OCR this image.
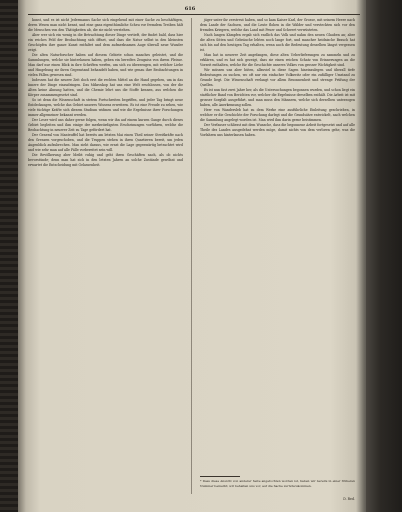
616

kunst, und es ist nicht Jedermanns Sache sich eingehend mit einer Sache zu beschäftigen, deren Wesen man nicht kennt, und eine ganz eigenthümliche Scheu vor fremdem Treiben hält die Menschen von den Thätigkeiten ab, die sie nicht verstehen.

Aber wer sich ein wenig in die Betrachtung dieser Dinge vertieft, der findet bald, dass hier ein reiches Feld der Beobachtung sich öffnet, und dass die Natur selbst in den kleinsten Geschöpfen ihre ganze Kunst entfaltet und dem aufmerksamen Auge überall neue Wunder zeigt.

Die alten Naturforscher haben auf diesem Gebiete schon manches geleistet, und die Sammlungen, welche sie hinterlassen haben, geben ein beredtes Zeugniss von ihrem Fleisse. Man darf nur einen Blick in ihre Schriften werfen, um sich zu überzeugen, mit welcher Liebe und Hingebung sie ihren Gegenstand behandelt haben, und wie genau ihre Beobachtungen in vielen Fällen gewesen sind.

Indessen hat die neuere Zeit doch erst die rechten Mittel an die Hand gegeben, um in das Innere der Dinge einzudringen. Das Mikroskop hat uns eine Welt erschlossen, von der die Alten keine Ahnung hatten, und die Chemie lehrt uns die Stoffe kennen, aus welchen die Körper zusammengesetzt sind.

So ist denn die Wissenschaft in stetem Fortschreiten begriffen, und jeder Tag bringt neue Entdeckungen, welche das Gebiet unseres Wissens erweitern. Es ist eine Freude zu sehen, wie viele tüchtige Kräfte sich diesem Studium widmen und wie die Ergebnisse ihrer Forschungen immer allgemeiner bekannt werden.

Der Leser wird uns daher gerne folgen, wenn wir ihn auf einem kurzen Gange durch dieses Gebiet begleiten und ihm einige der merkwürdigsten Erscheinungen vorführen, welche die Beobachtung in neuerer Zeit zu Tage gefördert hat.

Der General von Manteuffel hat bereits am letzten Mai einen Theil seiner Streitkräfte nach den Grenzen vorgeschoben, und die Truppen stehen in ihren Quartieren bereit, um jeden Augenblick aufzubrechen. Man sieht daraus, wie ernst die Lage gegenwärtig betrachtet wird und wie sehr man auf alle Fälle vorbereitet sein will.

Die Bevölkerung aber bleibt ruhig und geht ihren Geschäften nach, als ob nichts bevorstünde; denn man hat sich in den letzten Jahren an solche Zustände gewöhnt und erwartet die Entscheidung mit Gelassenheit.

jäger unter ihr zerstreut haben, und so kam Kaiser Karl, der Grosse, mit seinem Heere nach dem Lande der Sachsen, und die Leute flohen in die Wälder und versteckten sich vor den fremden Kriegern, welche das Land mit Feuer und Schwert verwüsteten.

Nach langen Kämpfen ergab sich endlich das Volk und nahm den neuen Glauben an; aber die alten Sitten und Gebräuche lebten noch lange fort, und mancher heidnische Brauch hat sich bis auf den heutigen Tag erhalten, wenn auch die Bedeutung desselben längst vergessen ist.

Man hat in neuerer Zeit angefangen, diese alten Ueberlieferungen zu sammeln und zu erklären, und es hat sich gezeigt, dass sie einen reichen Schatz von Erinnerungen an die Vorzeit enthalten, welche für die Geschichte unseres Volkes von grosser Wichtigkeit sind.

Wir müssen uns aber hüten, allzuviel in diese Sagen hineinzulegen und überall tiefe Bedeutungen zu suchen, wo oft nur ein einfacher Volkswitz oder ein zufälliger Umstand zu Grunde liegt. Die Wissenschaft verlangt vor allem Besonnenheit und strenge Prüfung der Quellen.

Es ist nun fast zwei Jahre her, als die Untersuchungen begonnen wurden, und schon liegt ein stattlicher Band von Berichten vor, welcher die Ergebnisse derselben enthält. Die Arbeit ist mit grosser Sorgfalt ausgeführt, und man muss den Männern, welche sich derselben unterzogen haben, alle Anerkennung zollen.

Herr von Wandersleb hat zu dem Werke eine ausführliche Einleitung geschrieben, in welcher er die Geschichte der Forschung darlegt und die Grundsätze entwickelt, nach welchen die Sammlung angelegt worden ist. Man wird ihm darin gerne beistimmen.

Der Verfasser schliesst mit dem Wunsche, dass die begonnene Arbeit fortgesetzt und auf alle Theile des Landes ausgedehnt werden möge, damit nichts von dem verloren gehe, was die Vorfahren uns hinterlassen haben.

* Dass diese Ansicht von anderer Seite angefochten worden ist, haben wir bereits in einer früheren Nummer bemerkt; wir behalten uns vor, auf die Sache zurückzukommen.
D. Red.
